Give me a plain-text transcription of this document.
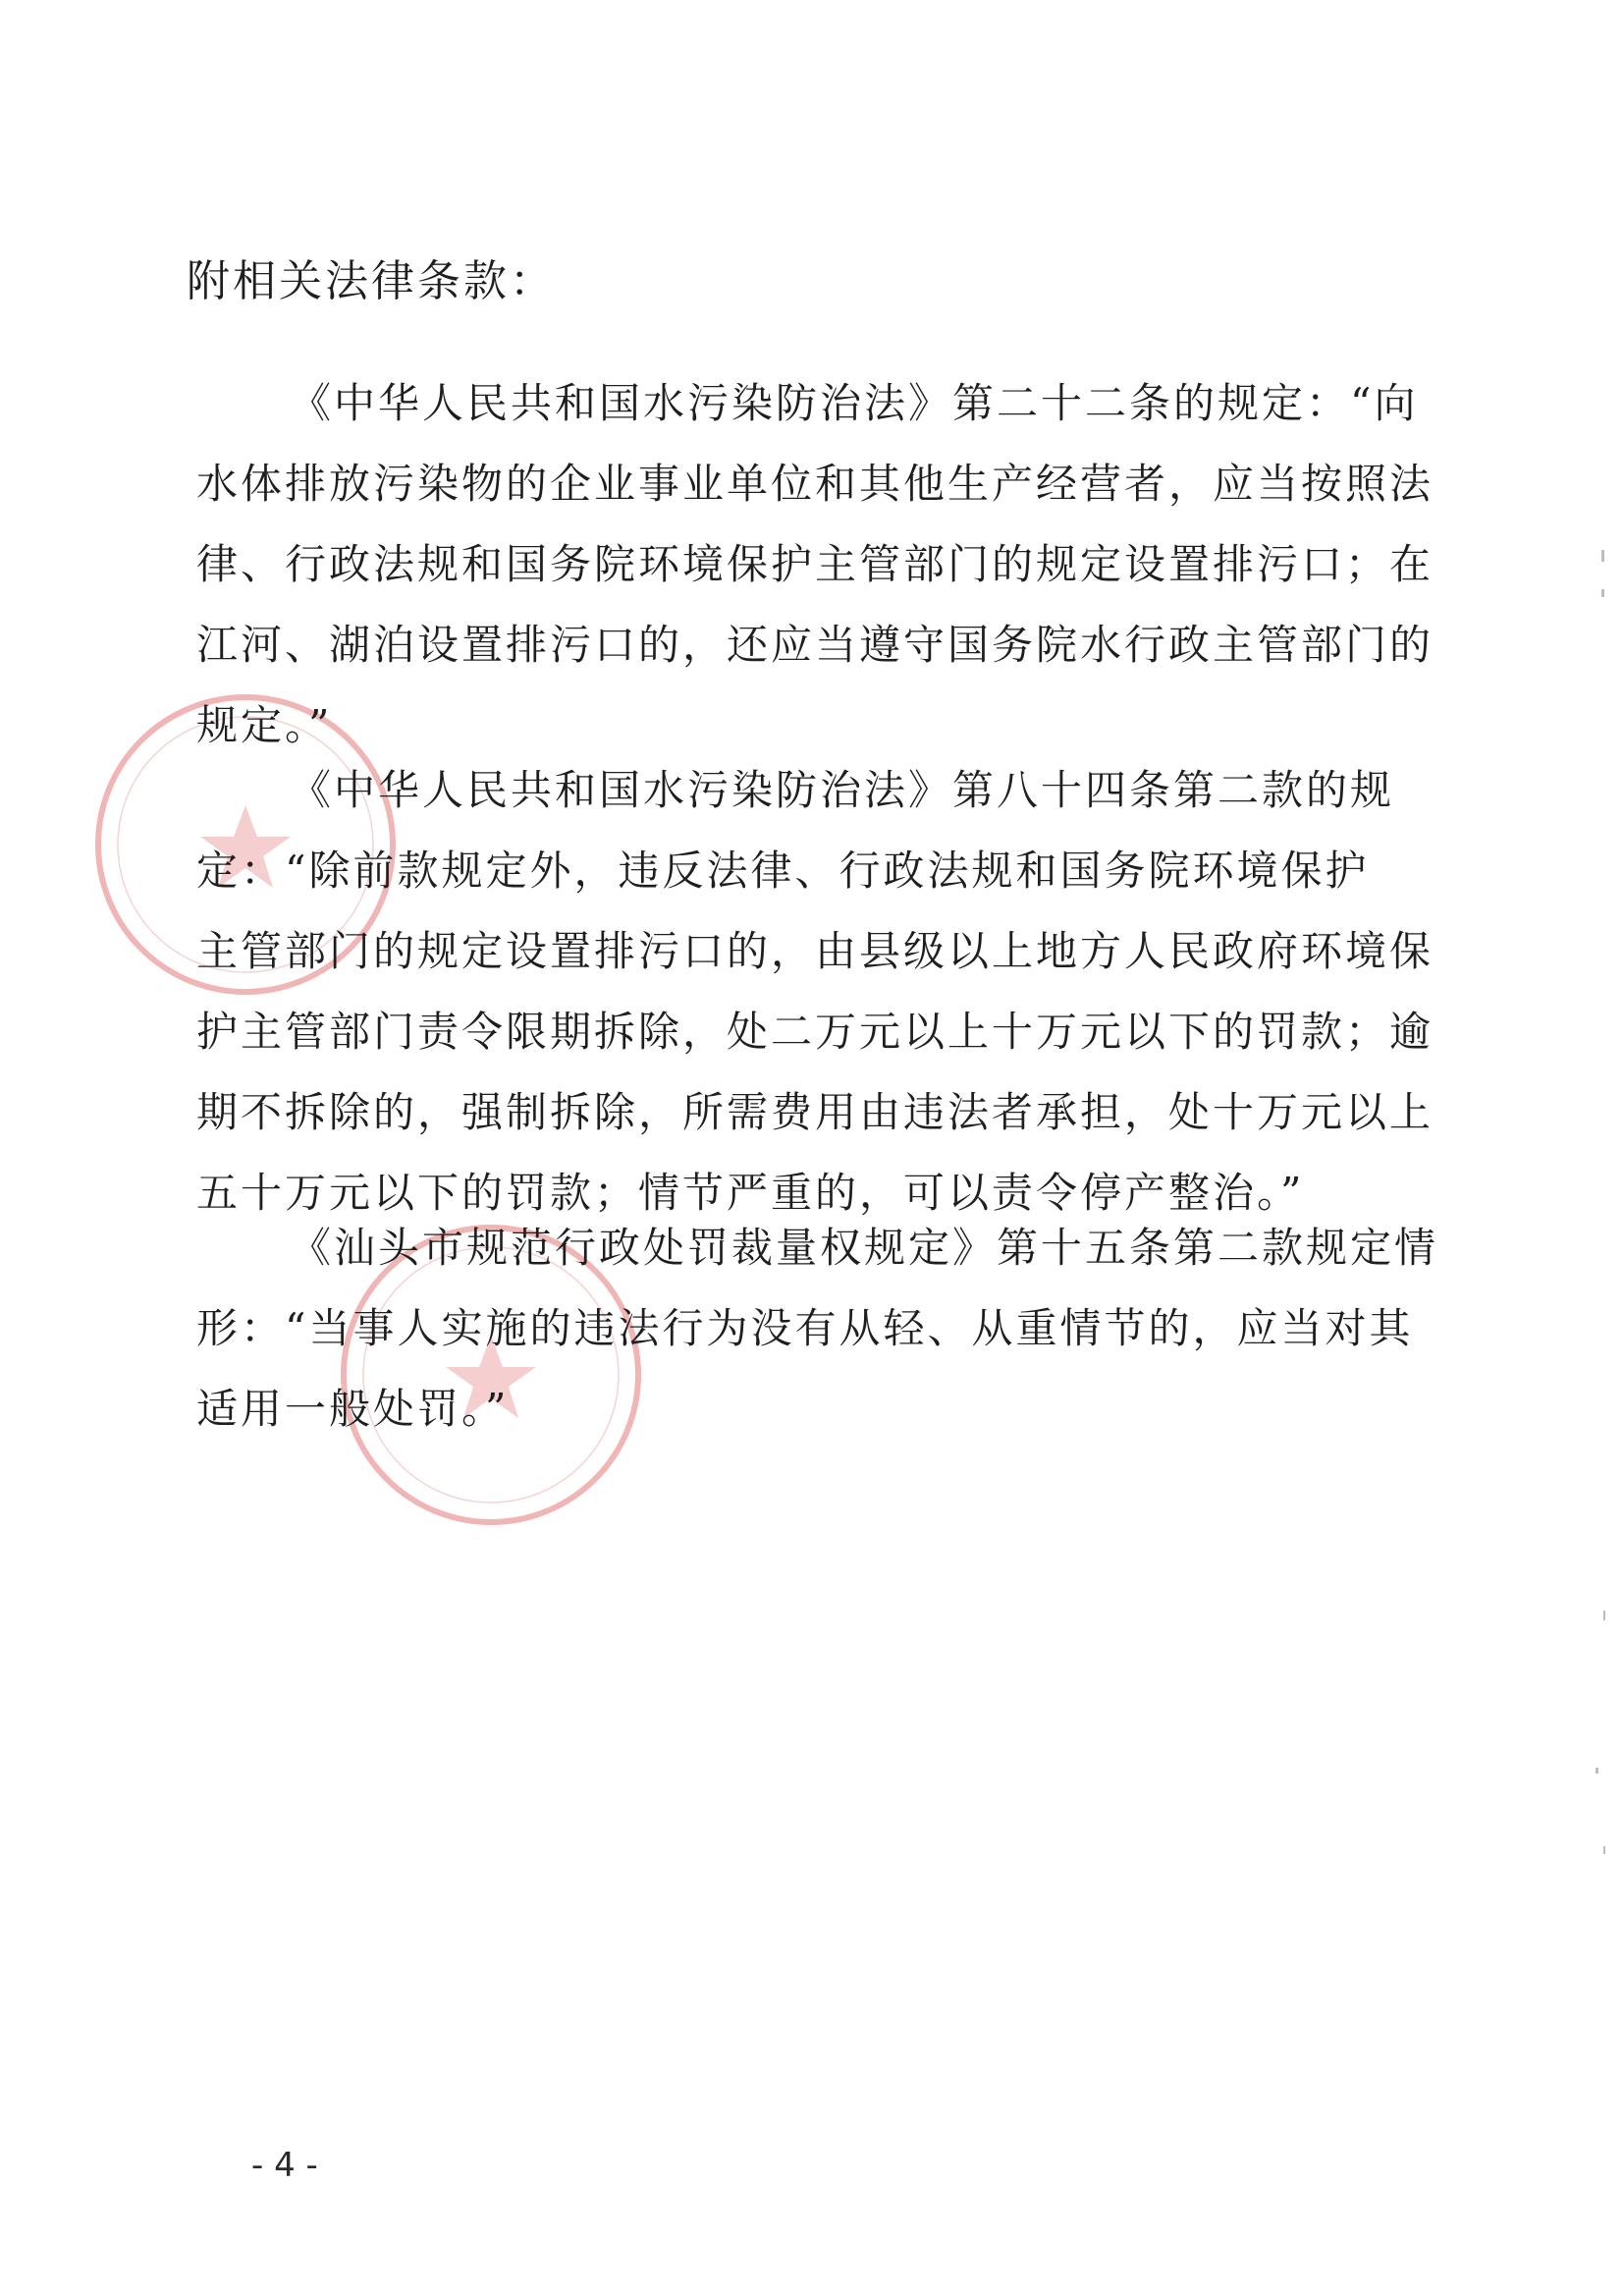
附相关法律条款：
《中华人民共和国水污染防治法》第二十二条的规定：“向
水体排放污染物的企业事业单位和其他生产经营者，应当按照法
律、行政法规和国务院环境保护主管部门的规定设置排污口；在
江河、湖泊设置排污口的，还应当遵守国务院水行政主管部门的
规定。”
《中华人民共和国水污染防治法》第八十四条第二款的规
定：“除前款规定外，违反法律、行政法规和国务院环境保护
主管部门的规定设置排污口的，由县级以上地方人民政府环境保
护主管部门责令限期拆除，处二万元以上十万元以下的罚款；逾
期不拆除的，强制拆除，所需费用由违法者承担，处十万元以上
五十万元以下的罚款；情节严重的，可以责令停产整治。”
《汕头市规范行政处罚裁量权规定》第十五条第二款规定情
形：“当事人实施的违法行为没有从轻、从重情节的，应当对其
适用一般处罚。”
- 4 -
